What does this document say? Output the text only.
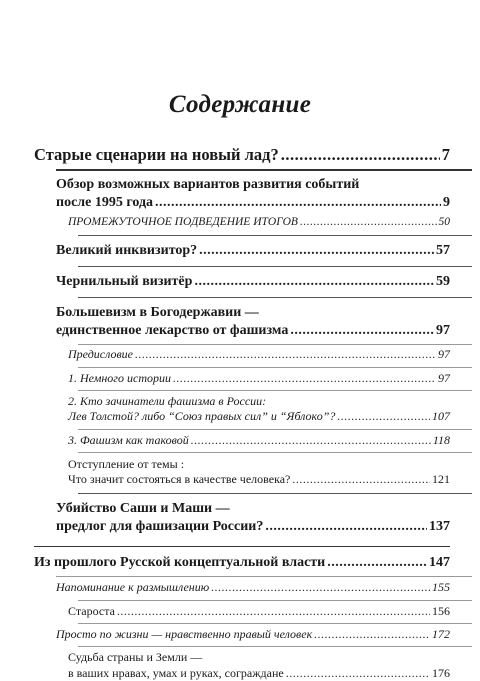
Содержание
Старые сценарии на новый лад? .....	7
Обзор возможных вариантов развития событий
после 1995 года .....	9
ПРОМЕЖУТОЧНОЕ ПОДВЕДЕНИЕ ИТОГОВ .....	50
Великий инквизитор? .....	57
Чернильный визитёр .....	59
Большевизм в Богодержавии —
единственное лекарство от фашизма .....	97
Предисловие .....	97
1. Немного истории .....	97
2. Кто зачинатели фашизма в России:
Лев Толстой? либо “Союз правых сил” и “Яблоко”? .....	107
3. Фашизм как таковой .....	118
Отступление от темы :
Что значит состояться в качестве человека? .....	121
Убийство Саши и Маши —
предлог для фашизации России? .....	137
Из прошлого Русской концептуальной власти .....	147
Напоминание к размышлению .....	155
Староста .....	156
Просто по жизни — нравственно правый человек .....	172
Судьба страны и Земли —
в ваших нравах, умах и руках, сограждане .....	176
